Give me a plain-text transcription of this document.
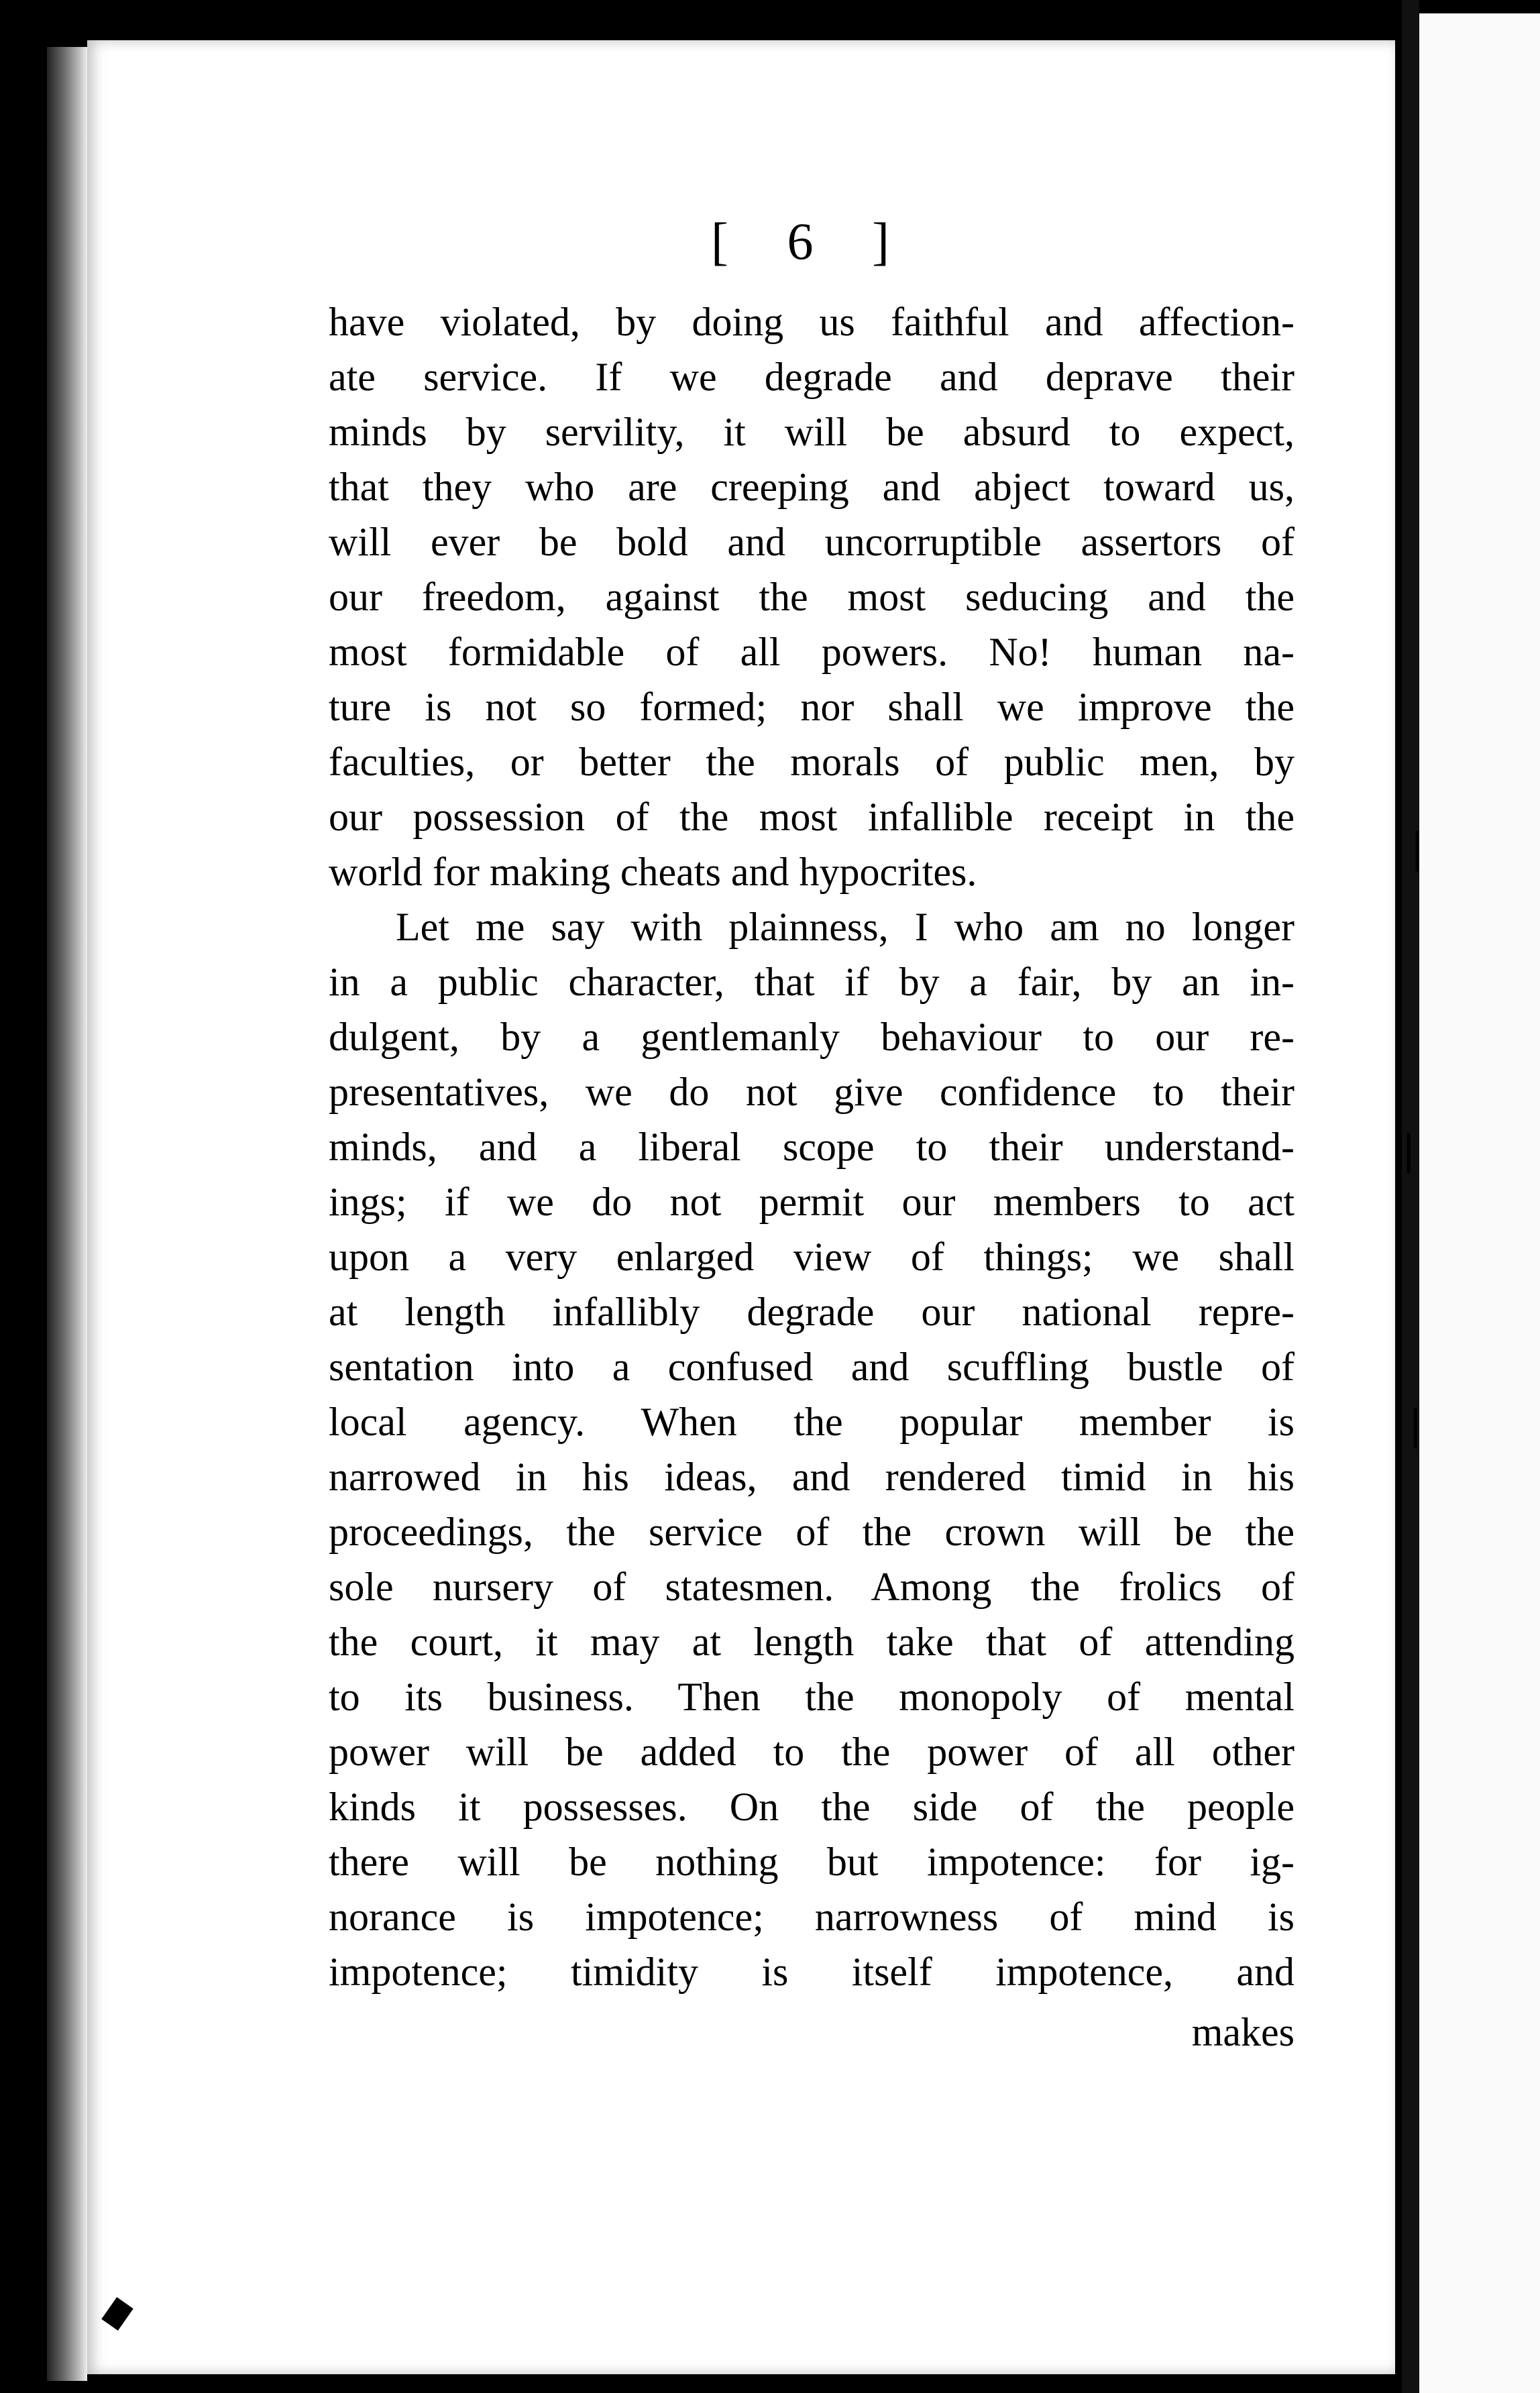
❘
❘
❘
[ 6 ]
have violated, by doing us faithful and affection-
ate service. If we degrade and deprave their
minds by servility, it will be absurd to expect,
that they who are creeping and abject toward us,
will ever be bold and uncorruptible assertors of
our freedom, against the most seducing and the
most formidable of all powers. No! human na-
ture is not so formed; nor shall we improve the
faculties, or better the morals of public men, by
our possession of the most infallible receipt in the
world for making cheats and hypocrites.
Let me say with plainness, I who am no longer
in a public character, that if by a fair, by an in-
dulgent, by a gentlemanly behaviour to our re-
presentatives, we do not give confidence to their
minds, and a liberal scope to their understand-
ings; if we do not permit our members to act
upon a very enlarged view of things; we shall
at length infallibly degrade our national repre-
sentation into a confused and scuffling bustle of
local agency. When the popular member is
narrowed in his ideas, and rendered timid in his
proceedings, the service of the crown will be the
sole nursery of statesmen. Among the frolics of
the court, it may at length take that of attending
to its business. Then the monopoly of mental
power will be added to the power of all other
kinds it possesses. On the side of the people
there will be nothing but impotence: for ig-
norance is impotence; narrowness of mind is
impotence; timidity is itself impotence, and
makes
